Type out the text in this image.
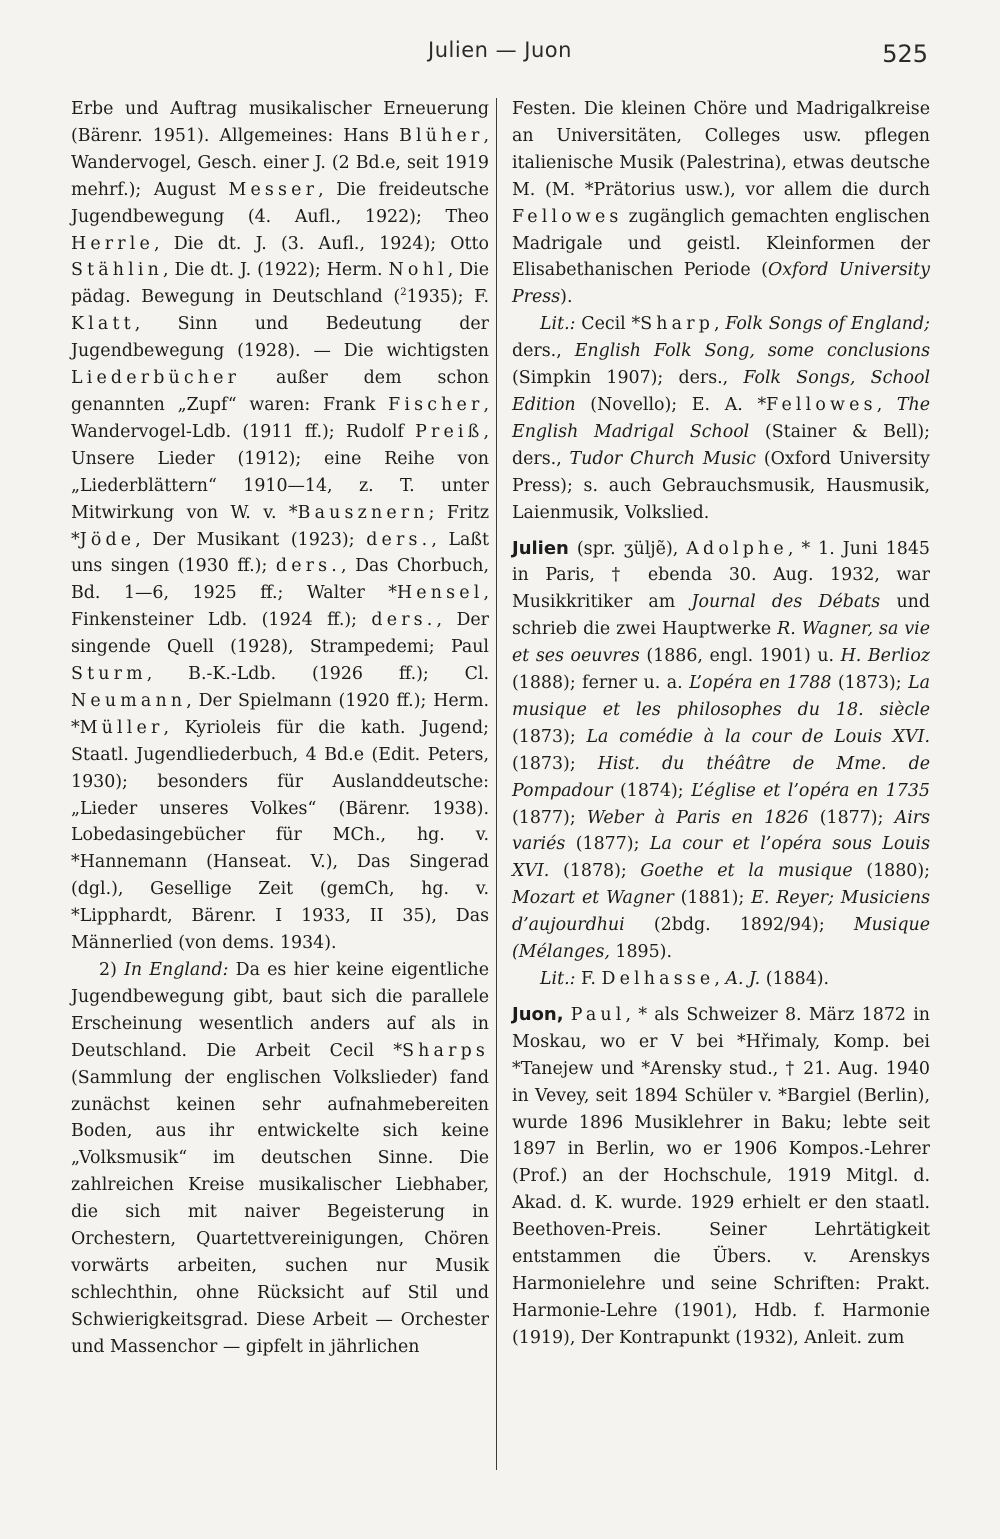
Julien — Juon	525

Erbe und Auftrag musikalischer Erneuerung (Bärenr. 1951). Allgemeines: Hans Blüher, Wandervogel, Gesch. einer J. (2 Bd.e, seit 1919 mehrf.); August Messer, Die freideutsche Jugendbewegung (4. Aufl., 1922); Theo Herrle, Die dt. J. (3. Aufl., 1924); Otto Stählin, Die dt. J. (1922); Herm. Nohl, Die pädag. Bewegung in Deutschland ($^2$1935); F. Klatt, Sinn und Bedeutung der Jugendbewegung (1928). — Die wichtigsten Liederbücher außer dem schon genannten „Zupf“ waren: Frank Fischer, Wandervogel-Ldb. (1911 ff.); Rudolf Preiß, Unsere Lieder (1912); eine Reihe von „Liederblättern“ 1910—14, z. T. unter Mitwirkung von W. v. *Bausznern; Fritz *Jöde, Der Musikant (1923); ders., Laßt uns singen (1930 ff.); ders., Das Chorbuch, Bd. 1—6, 1925 ff.; Walter *Hensel, Finkensteiner Ldb. (1924 ff.); ders., Der singende Quell (1928), Strampedemi; Paul Sturm, B.-K.-Ldb. (1926 ff.); Cl. Neumann, Der Spielmann (1920 ff.); Herm. *Müller, Kyrioleis für die kath. Jugend; Staatl. Jugendliederbuch, 4 Bd.e (Edit. Peters, 1930); besonders für Auslanddeutsche: „Lieder unseres Volkes“ (Bärenr. 1938). Lobedasingebücher für MCh., hg. v. *Hannemann (Hanseat. V.), Das Singerad (dgl.), Gesellige Zeit (gemCh, hg. v. *Lipphardt, Bärenr. I 1933, II 35), Das Männerlied (von dems. 1934).

2) In England: Da es hier keine eigentliche Jugendbewegung gibt, baut sich die parallele Erscheinung wesentlich anders auf als in Deutschland. Die Arbeit Cecil *Sharps (Sammlung der englischen Volkslieder) fand zunächst keinen sehr aufnahmebereiten Boden, aus ihr entwickelte sich keine „Volksmusik“ im deutschen Sinne. Die zahlreichen Kreise musikalischer Liebhaber, die sich mit naiver Begeisterung in Orchestern, Quartettvereinigungen, Chören vorwärts arbeiten, suchen nur Musik schlechthin, ohne Rücksicht auf Stil und Schwierigkeitsgrad. Diese Arbeit — Orchester und Massenchor — gipfelt in jährlichen

Festen. Die kleinen Chöre und Madrigalkreise an Universitäten, Colleges usw. pflegen italienische Musik (Palestrina), etwas deutsche M. (M. *Prätorius usw.), vor allem die durch Fellowes zugänglich gemachten englischen Madrigale und geistl. Kleinformen der Elisabethanischen Periode (Oxford University Press).

Lit.: Cecil *Sharp, Folk Songs of England; ders., English Folk Song, some conclusions (Simpkin 1907); ders., Folk Songs, School Edition (Novello); E. A. *Fellowes, The English Madrigal School (Stainer & Bell); ders., Tudor Church Music (Oxford University Press); s. auch Gebrauchsmusik, Hausmusik, Laienmusik, Volkslied.

Julien (spr. ʒüljẽ), Adolphe, * 1. Juni 1845 in Paris, † ebenda 30. Aug. 1932, war Musikkritiker am Journal des Débats und schrieb die zwei Hauptwerke R. Wagner, sa vie et ses oeuvres (1886, engl. 1901) u. H. Berlioz (1888); ferner u. a. L’opéra en 1788 (1873); La musique et les philosophes du 18. siècle (1873); La comédie à la cour de Louis XVI. (1873); Hist. du théâtre de Mme. de Pompadour (1874); L’église et l’opéra en 1735 (1877); Weber à Paris en 1826 (1877); Airs variés (1877); La cour et l’opéra sous Louis XVI. (1878); Goethe et la musique (1880); Mozart et Wagner (1881); E. Reyer; Musiciens d’aujourdhui (2bdg. 1892/94); Musique (Mélanges, 1895).

Lit.: F. Delhasse, A. J. (1884).

Juon, Paul, * als Schweizer 8. März 1872 in Moskau, wo er V bei *Hřimaly, Komp. bei *Tanejew und *Arensky stud., † 21. Aug. 1940 in Vevey, seit 1894 Schüler v. *Bargiel (Berlin), wurde 1896 Musiklehrer in Baku; lebte seit 1897 in Berlin, wo er 1906 Kompos.-Lehrer (Prof.) an der Hochschule, 1919 Mitgl. d. Akad. d. K. wurde. 1929 erhielt er den staatl. Beethoven-Preis. Seiner Lehrtätigkeit entstammen die Übers. v. Arenskys Harmonielehre und seine Schriften: Prakt. Harmonie-Lehre (1901), Hdb. f. Harmonie (1919), Der Kontrapunkt (1932), Anleit. zum
